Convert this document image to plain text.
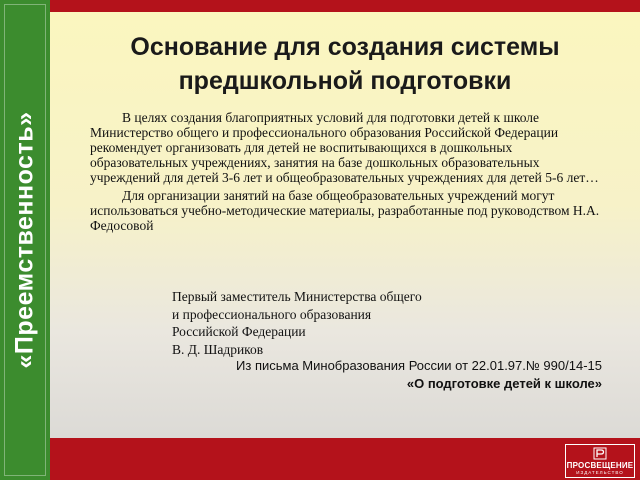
«Преемственность»
Основание для создания системы
предшкольной подготовки

В целях создания благоприятных условий для подготовки детей к школе Министерство общего и профессионального образования Российской Федерации рекомендует организовать для детей не воспитывающихся в дошкольных образовательных учреждениях, занятия на базе дошкольных образовательных учреждений для детей 3-6 лет и общеобразовательных учреждениях для детей 5-6 лет…

Для организации занятий на базе общеобразовательных учреждений могут использоваться учебно-методические материалы, разработанные под руководством Н.А. Федосовой

Первый заместитель Министерства общего
и профессионального образования
Российской Федерации
В. Д. Шадриков
Из письма Минобразования России от 22.01.97.№ 990/14-15
«О подготовке детей к школе»
ПРОСВЕЩЕНИЕ
ИЗДАТЕЛЬСТВО
